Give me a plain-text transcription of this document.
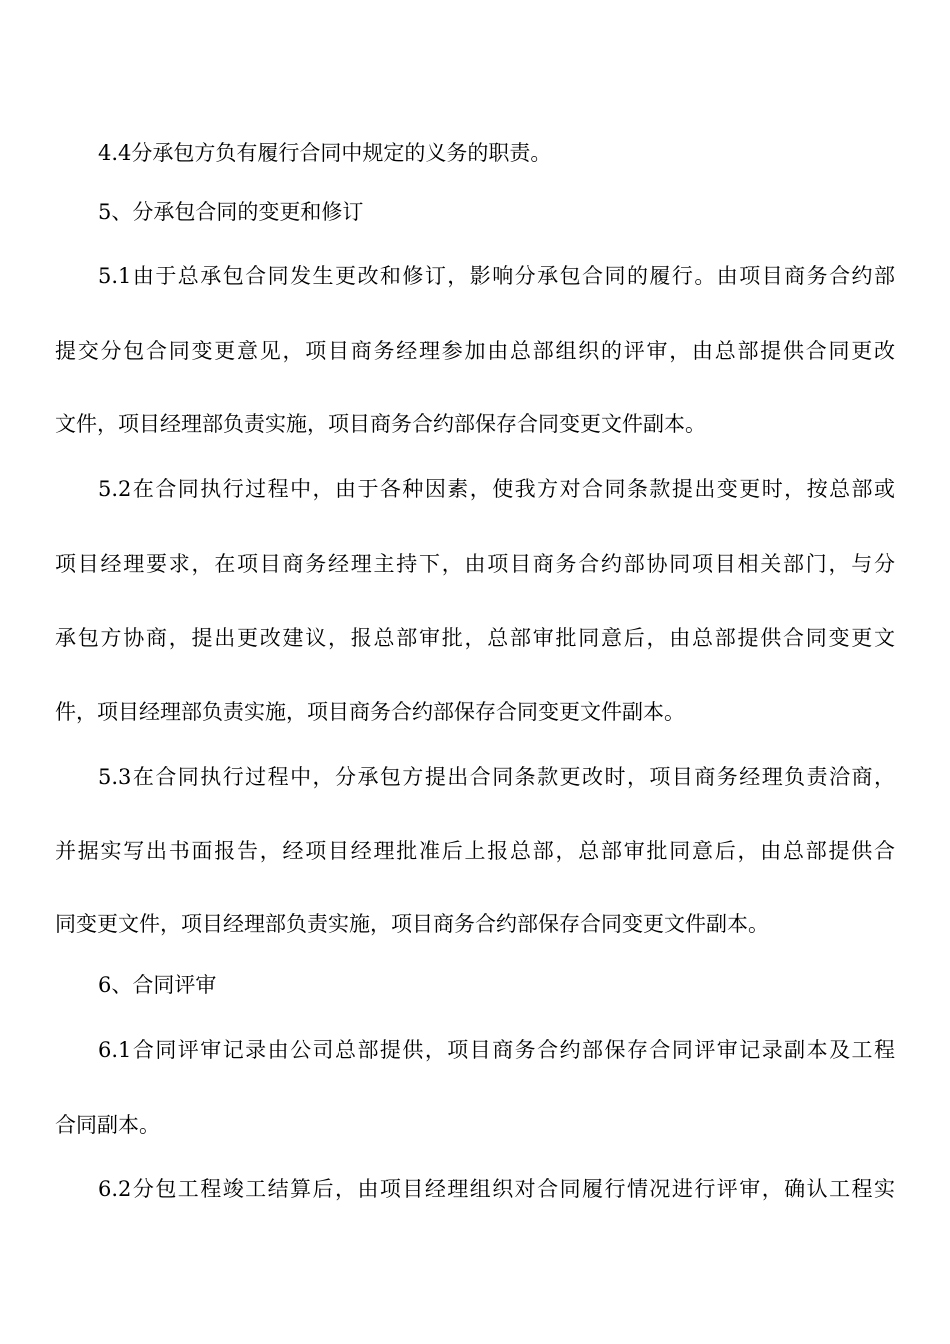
4.4分承包方负有履行合同中规定的义务的职责。
5、分承包合同的变更和修订
5.1由于总承包合同发生更改和修订，影响分承包合同的履行。由项目商务合约部
提交分包合同变更意见，项目商务经理参加由总部组织的评审，由总部提供合同更改
文件，项目经理部负责实施，项目商务合约部保存合同变更文件副本。
5.2在合同执行过程中，由于各种因素，使我方对合同条款提出变更时，按总部或
项目经理要求，在项目商务经理主持下，由项目商务合约部协同项目相关部门，与分
承包方协商，提出更改建议，报总部审批，总部审批同意后，由总部提供合同变更文
件，项目经理部负责实施，项目商务合约部保存合同变更文件副本。
5.3在合同执行过程中，分承包方提出合同条款更改时，项目商务经理负责洽商，
并据实写出书面报告，经项目经理批准后上报总部，总部审批同意后，由总部提供合
同变更文件，项目经理部负责实施，项目商务合约部保存合同变更文件副本。
6、合同评审
6.1合同评审记录由公司总部提供，项目商务合约部保存合同评审记录副本及工程
合同副本。
6.2分包工程竣工结算后，由项目经理组织对合同履行情况进行评审，确认工程实
